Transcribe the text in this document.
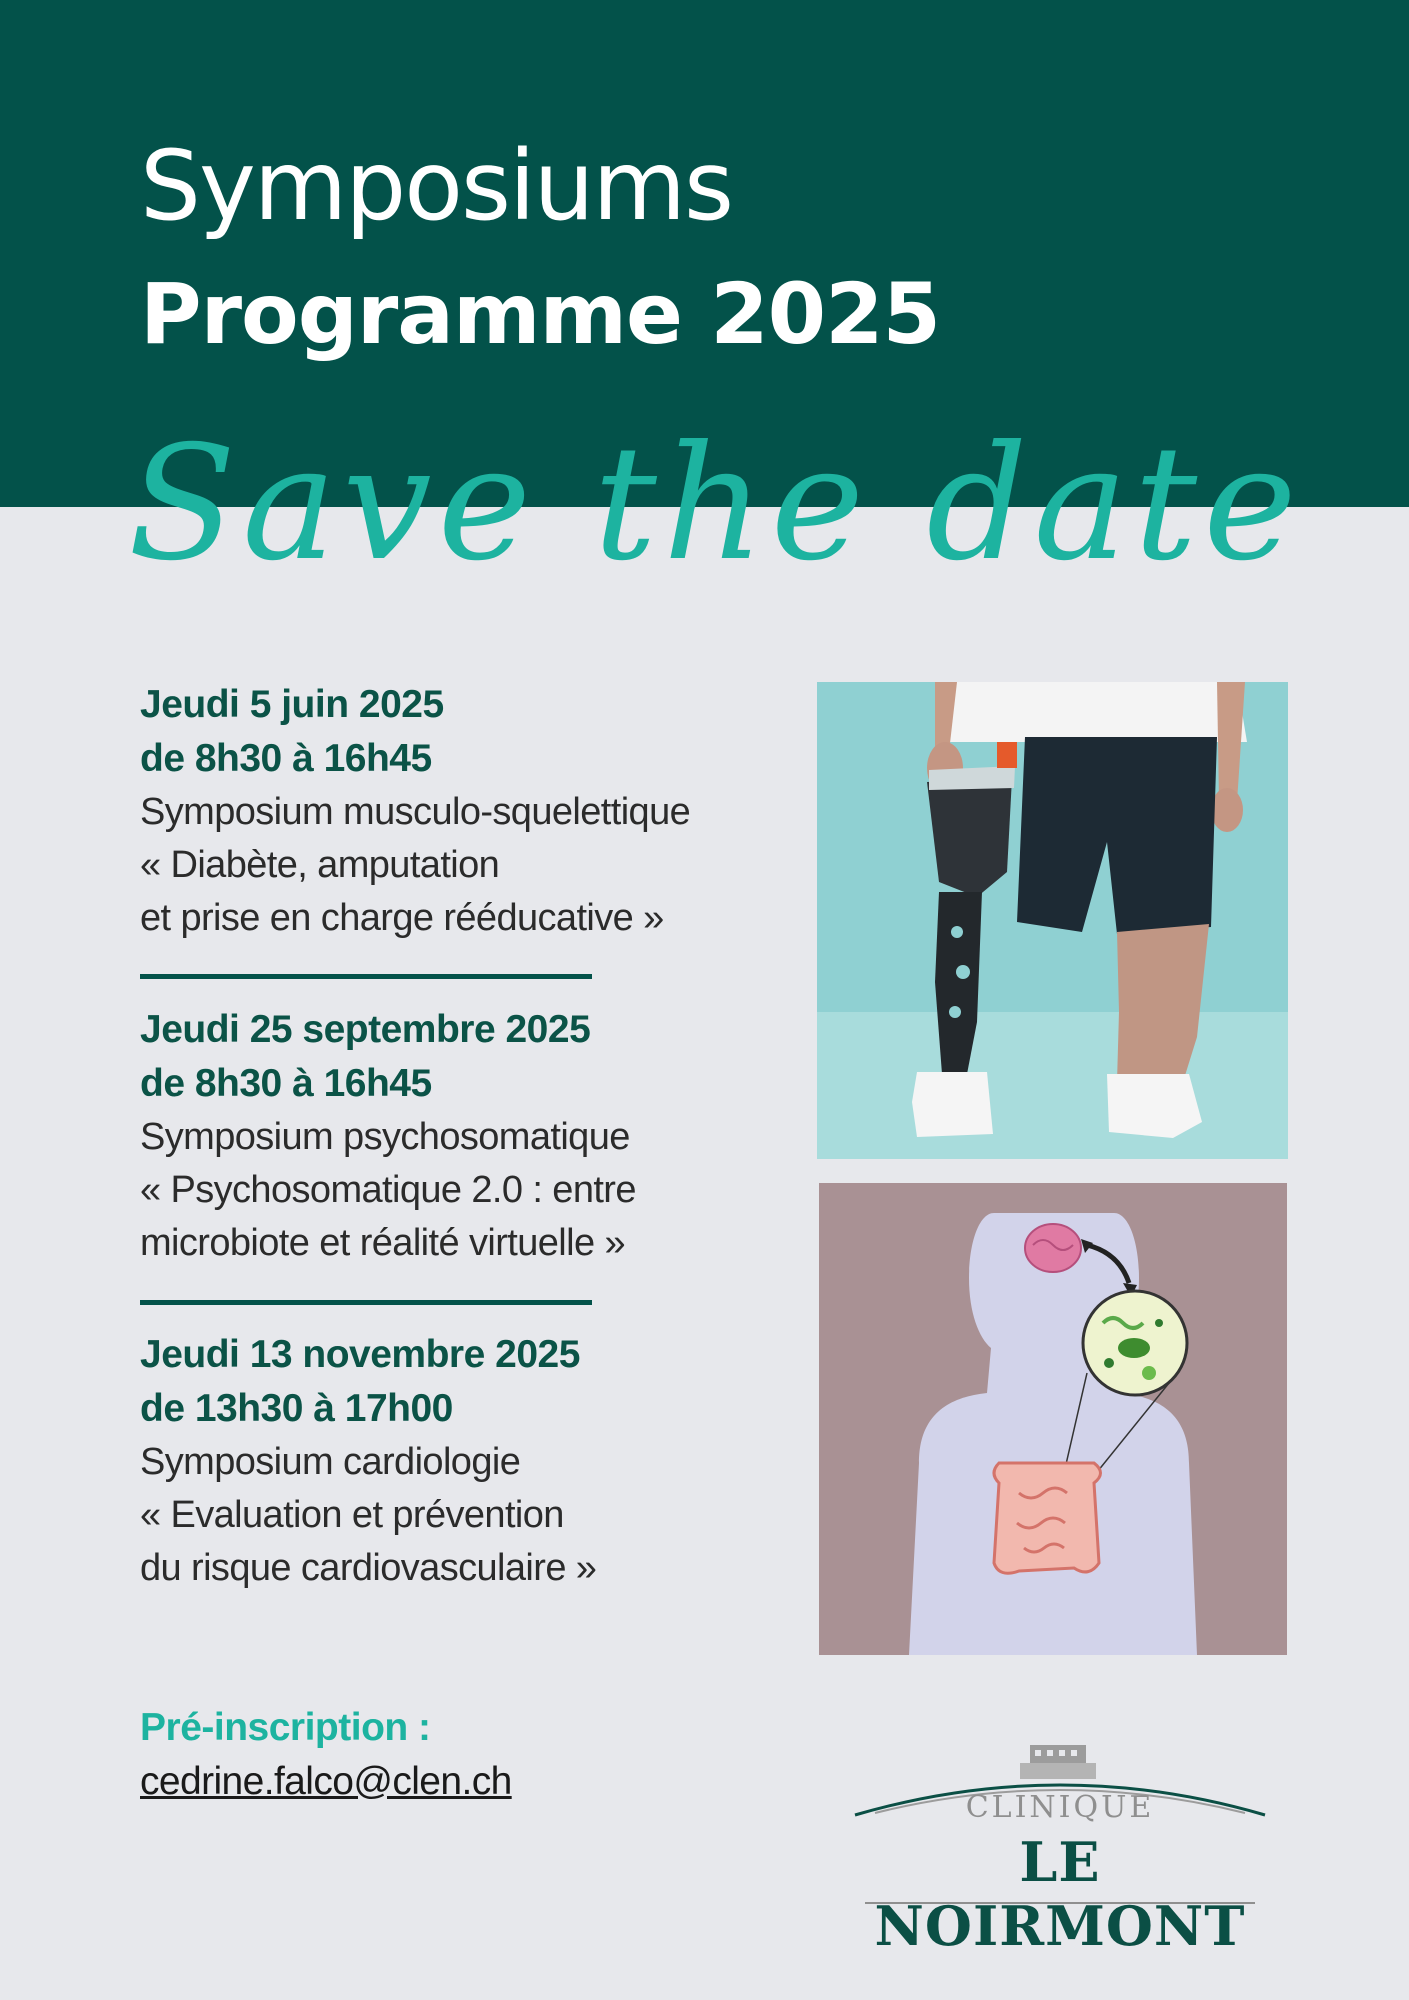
Symposiums
Programme 2025
Save the date
Jeudi 5 juin 2025
de 8h30 à 16h45
Symposium musculo-squelettique
« Diabète, amputation
et prise en charge rééducative »
Jeudi 25 septembre 2025
de 8h30 à 16h45
Symposium psychosomatique
« Psychosomatique 2.0 : entre
microbiote et réalité virtuelle »
Jeudi 13 novembre 2025
de 13h30 à 17h00
Symposium cardiologie
« Evaluation et prévention
du risque cardiovasculaire »
Pré-inscription :
cedrine.falco@clen.ch
CLINIQUE
LE NOIRMONT
